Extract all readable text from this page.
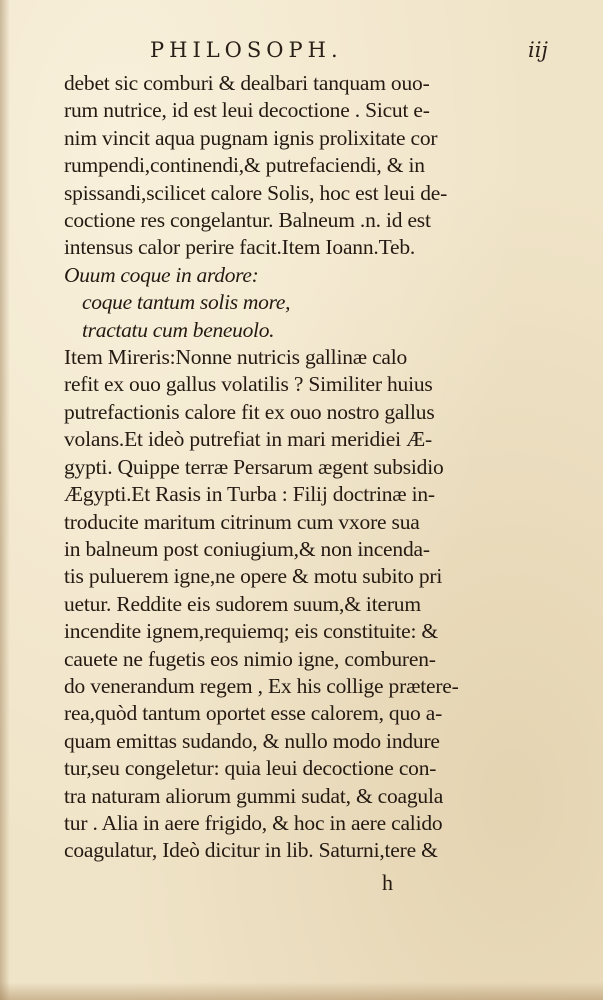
PHILOSOPH.	iij
debet sic comburi & dealbari tanquam ouo-
rum nutrice, id est leui decoctione . Sicut e-
nim vincit aqua pugnam ignis prolixitate cor
rumpendi,continendi,& putrefaciendi, & in
spissandi,scilicet calore Solis, hoc est leui de-
coctione res congelantur. Balneum .n. id est
intensus calor perire facit.Item Ioann.Teb.
Ouum coque in ardore:
coque tantum solis more,
tractatu cum beneuolo.
Item Mireris:Nonne nutricis gallinæ calo
refit ex ouo gallus volatilis ? Similiter huius
putrefactionis calore fit ex ouo nostro gallus
volans.Et ideò putrefiat in mari meridiei Æ-
gypti. Quippe terræ Persarum ægent subsidio
Ægypti.Et Rasis in Turba : Filij doctrinæ in-
troducite maritum citrinum cum vxore sua
in balneum post coniugium,& non incenda-
tis puluerem igne,ne opere & motu subito pri
uetur. Reddite eis sudorem suum,& iterum
incendite ignem,requiemq; eis constituite: &
cauete ne fugetis eos nimio igne, comburen-
do venerandum regem , Ex his collige prætere-
rea,quòd tantum oportet esse calorem, quo a-
quam emittas sudando, & nullo modo indure
tur,seu congeletur: quia leui decoctione con-
tra naturam aliorum gummi sudat, & coagula
tur . Alia in aere frigido, & hoc in aere calido
coagulatur, Ideò dicitur in lib. Saturni,tere &
h
